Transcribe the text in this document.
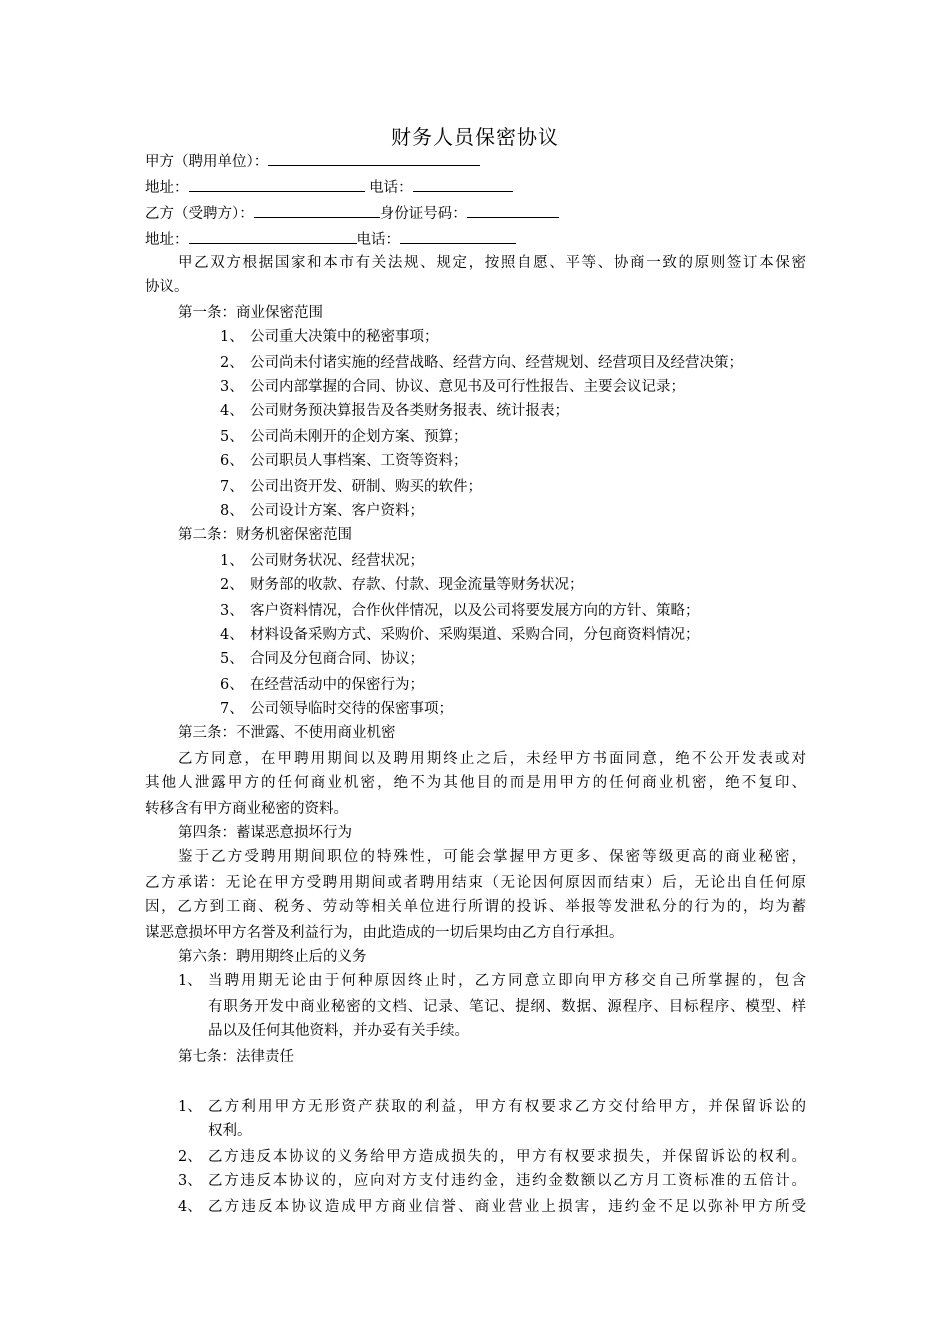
财务人员保密协议
甲方（聘用单位）：
地址：	电话：
乙方（受聘方）：	身份证号码：
地址：	电话：
甲乙双方根据国家和本市有关法规、规定，按照自愿、平等、协商一致的原则签订本保密
协议。
第一条：商业保密范围
1、 公司重大决策中的秘密事项；
2、 公司尚未付诸实施的经营战略、经营方向、经营规划、经营项目及经营决策；
3、 公司内部掌握的合同、协议、意见书及可行性报告、主要会议记录；
4、 公司财务预决算报告及各类财务报表、统计报表；
5、 公司尚未刚开的企划方案、预算；
6、 公司职员人事档案、工资等资料；
7、 公司出资开发、研制、购买的软件；
8、 公司设计方案、客户资料；
第二条：财务机密保密范围
1、 公司财务状况、经营状况；
2、 财务部的收款、存款、付款、现金流量等财务状况；
3、 客户资料情况，合作伙伴情况，以及公司将要发展方向的方针、策略；
4、 材料设备采购方式、采购价、采购渠道、采购合同，分包商资料情况；
5、 合同及分包商合同、协议；
6、 在经营活动中的保密行为；
7、 公司领导临时交待的保密事项；
第三条：不泄露、不使用商业机密
乙方同意，在甲聘用期间以及聘用期终止之后，未经甲方书面同意，绝不公开发表或对
其他人泄露甲方的任何商业机密，绝不为其他目的而是用甲方的任何商业机密，绝不复印、
转移含有甲方商业秘密的资料。
第四条：蓄谋恶意损坏行为
鉴于乙方受聘用期间职位的特殊性，可能会掌握甲方更多、保密等级更高的商业秘密，
乙方承诺：无论在甲方受聘用期间或者聘用结束（无论因何原因而结束）后，无论出自任何原
因，乙方到工商、税务、劳动等相关单位进行所谓的投诉、举报等发泄私分的行为的，均为蓄
谋恶意损坏甲方名誉及利益行为，由此造成的一切后果均由乙方自行承担。
第六条：聘用期终止后的义务
1、 当聘用期无论由于何种原因终止时，乙方同意立即向甲方移交自己所掌握的，包含
有职务开发中商业秘密的文档、记录、笔记、提纲、数据、源程序、目标程序、模型、样
品以及任何其他资料，并办妥有关手续。
第七条：法律责任
1、 乙方利用甲方无形资产获取的利益，甲方有权要求乙方交付给甲方，并保留诉讼的
权利。
2、 乙方违反本协议的义务给甲方造成损失的，甲方有权要求损失，并保留诉讼的权利。
3、 乙方违反本协议的，应向对方支付违约金，违约金数额以乙方月工资标准的五倍计。
4、 乙方违反本协议造成甲方商业信誉、商业营业上损害，违约金不足以弥补甲方所受
